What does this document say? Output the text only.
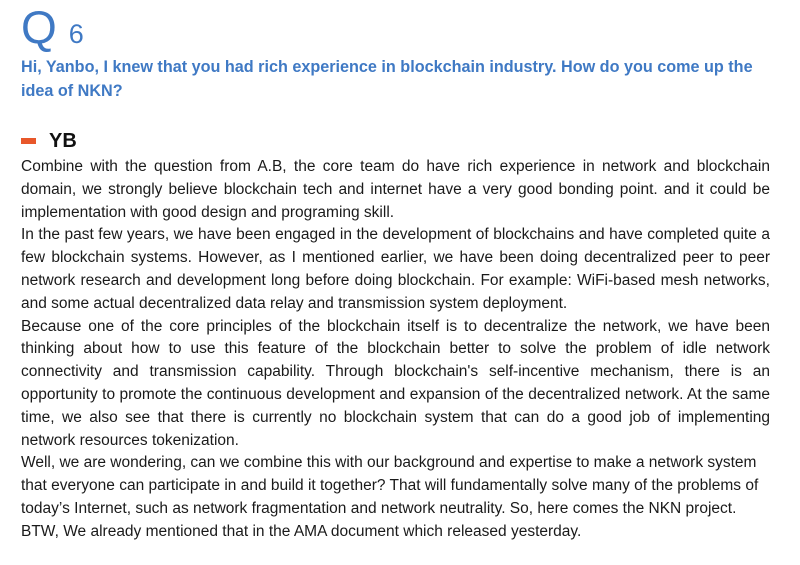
Q 6

Hi, Yanbo, I knew that you had rich experience in blockchain industry. How do you come up the idea of NKN?

YB

Combine with the question from A.B, the core team do have rich experience in network and blockchain domain, we strongly believe blockchain tech and internet have a very good bonding point. and it could be implementation with good design and programing skill.

In the past few years, we have been engaged in the development of blockchains and have completed quite a few blockchain systems. However, as I mentioned earlier, we have been doing decentralized peer to peer network research and development long before doing blockchain. For example: WiFi-based mesh networks, and some actual decentralized data relay and transmission system deployment.

Because one of the core principles of the blockchain itself is to decentralize the network, we have been thinking about how to use this feature of the blockchain better to solve the problem of idle network connectivity and transmission capability. Through blockchain's self-incentive mechanism, there is an opportunity to promote the continuous development and expansion of the decentralized network. At the same time, we also see that there is currently no blockchain system that can do a good job of implementing network resources tokenization.

Well, we are wondering, can we combine this with our background and expertise to make a network system that everyone can participate in and build it together? That will fundamentally solve many of the problems of today’s Internet, such as network fragmentation and network neutrality. So, here comes the NKN project.

BTW, We already mentioned that in the AMA document which released yesterday.
